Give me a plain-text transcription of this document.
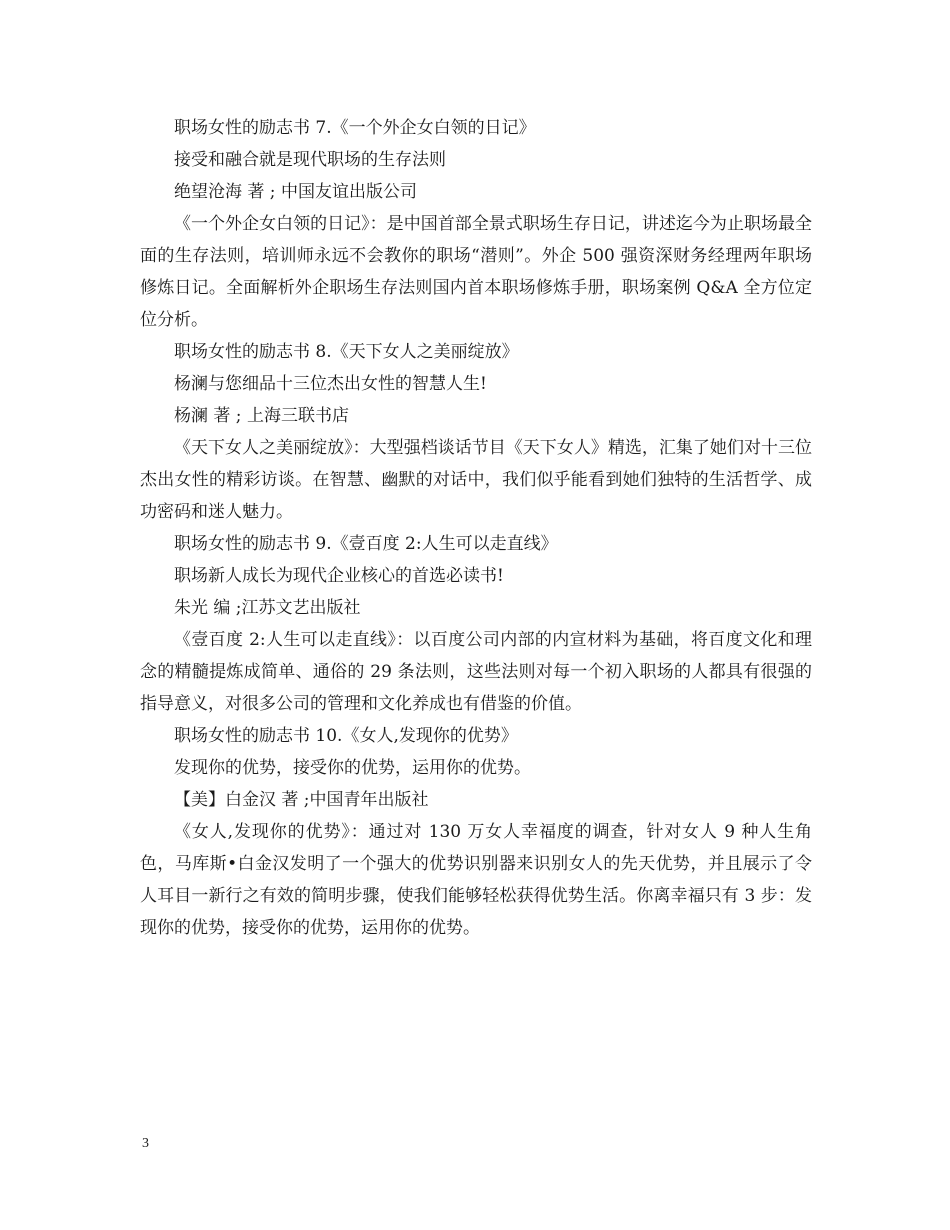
职场女性的励志书 7.《一个外企女白领的日记》

接受和融合就是现代职场的生存法则

绝望沧海 著 ; 中国友谊出版公司

《一个外企女白领的日记》：是中国首部全景式职场生存日记，讲述迄今为止职场最全面的生存法则，培训师永远不会教你的职场“潜则”。外企 500 强资深财务经理两年职场修炼日记。全面解析外企职场生存法则国内首本职场修炼手册，职场案例 Q&A 全方位定位分析。

职场女性的励志书 8.《天下女人之美丽绽放》

杨澜与您细品十三位杰出女性的智慧人生!

杨澜 著 ; 上海三联书店

《天下女人之美丽绽放》：大型强档谈话节目《天下女人》精选，汇集了她们对十三位杰出女性的精彩访谈。在智慧、幽默的对话中，我们似乎能看到她们独特的生活哲学、成功密码和迷人魅力。

职场女性的励志书 9.《壹百度 2:人生可以走直线》

职场新人成长为现代企业核心的首选必读书!

朱光 编 ;江苏文艺出版社

《壹百度 2:人生可以走直线》：以百度公司内部的内宣材料为基础，将百度文化和理念的精髓提炼成简单、通俗的 29 条法则，这些法则对每一个初入职场的人都具有很强的指导意义，对很多公司的管理和文化养成也有借鉴的价值。

职场女性的励志书 10.《女人,发现你的优势》

发现你的优势，接受你的优势，运用你的优势。

【美】白金汉 著 ;中国青年出版社

《女人,发现你的优势》：通过对 130 万女人幸福度的调查，针对女人 9 种人生角色，马库斯•白金汉发明了一个强大的优势识别器来识别女人的先天优势，并且展示了令人耳目一新行之有效的简明步骤，使我们能够轻松获得优势生活。你离幸福只有 3 步：发现你的优势，接受你的优势，运用你的优势。

3
